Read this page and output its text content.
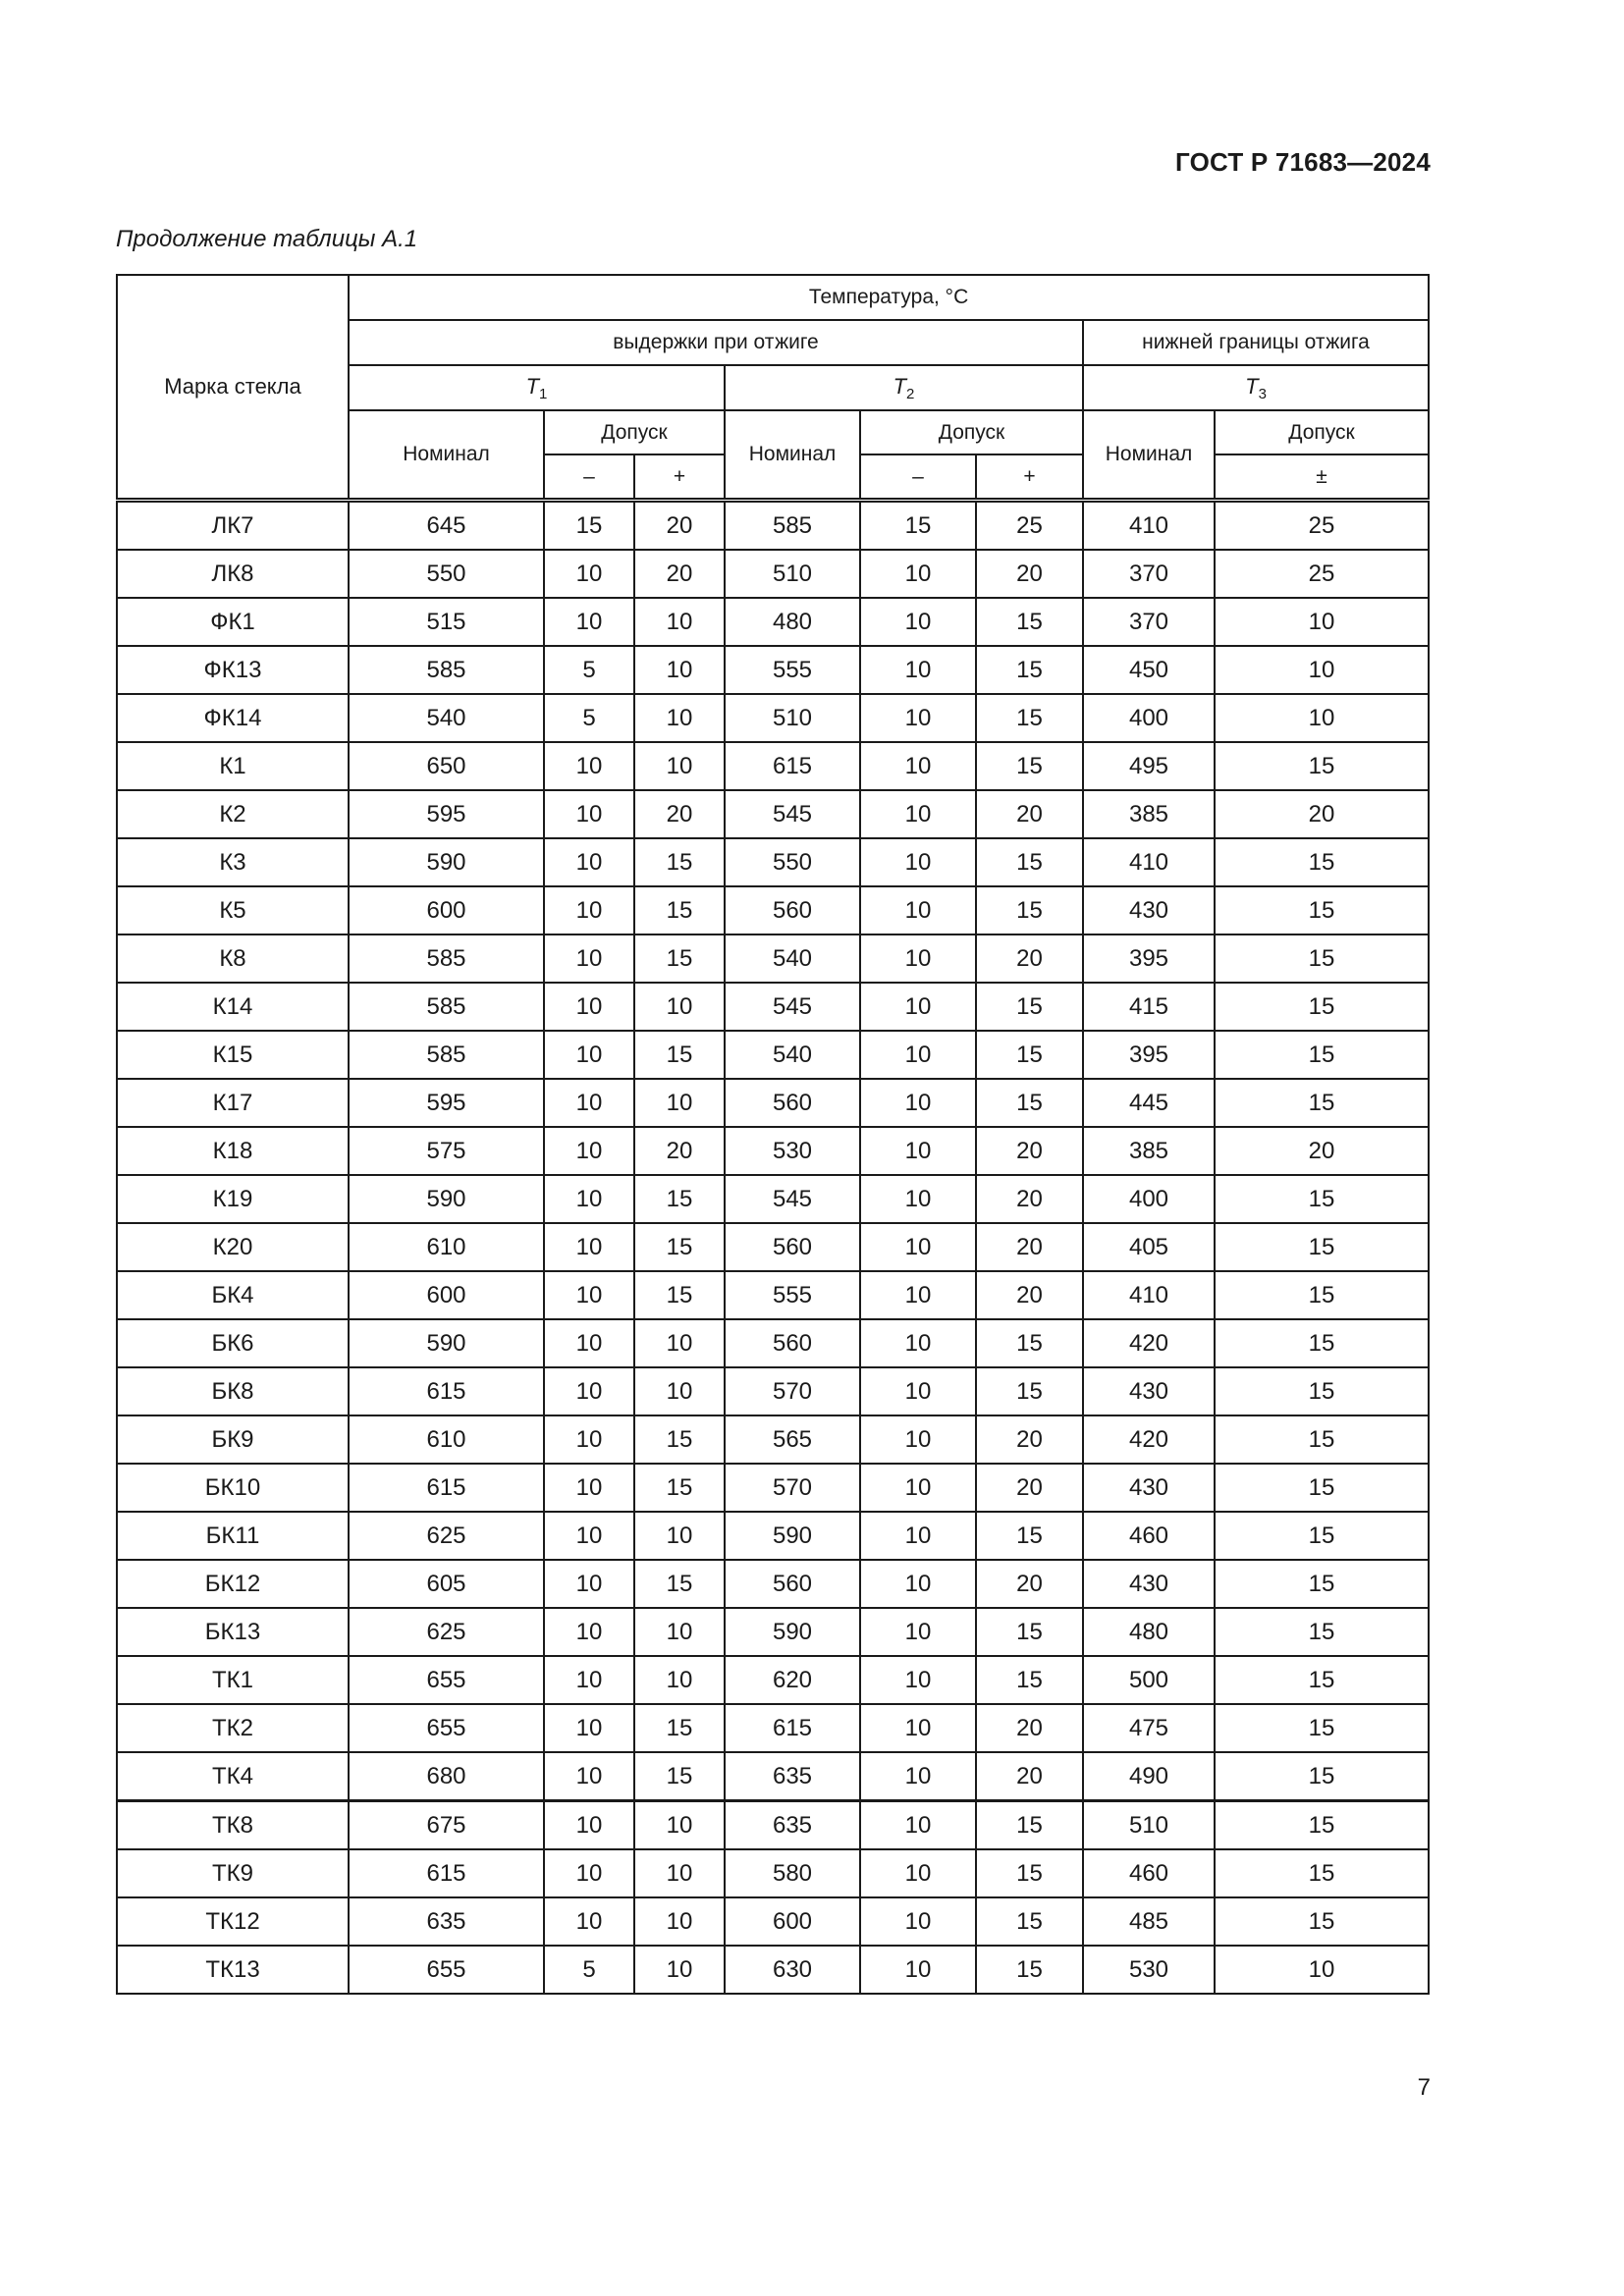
ГОСТ Р 71683—2024
Продолжение таблицы А.1
Марка стекла	Температура, °С							
	выдержки при отжиге						нижней границы отжига	
	$T_1$			$T_2$			$T_3$
	Номинал	Допуск		Номинал	Допуск		Номинал	Допуск
		–	+		–	+		±
ЛК7	645	15	20	585	15	25	410	25
ЛК8	550	10	20	510	10	20	370	25
ФК1	515	10	10	480	10	15	370	10
ФК13	585	5	10	555	10	15	450	10
ФК14	540	5	10	510	10	15	400	10
К1	650	10	10	615	10	15	495	15
К2	595	10	20	545	10	20	385	20
К3	590	10	15	550	10	15	410	15
К5	600	10	15	560	10	15	430	15
К8	585	10	15	540	10	20	395	15
К14	585	10	10	545	10	15	415	15
К15	585	10	15	540	10	15	395	15
К17	595	10	10	560	10	15	445	15
К18	575	10	20	530	10	20	385	20
К19	590	10	15	545	10	20	400	15
К20	610	10	15	560	10	20	405	15
БК4	600	10	15	555	10	20	410	15
БК6	590	10	10	560	10	15	420	15
БК8	615	10	10	570	10	15	430	15
БК9	610	10	15	565	10	20	420	15
БК10	615	10	15	570	10	20	430	15
БК11	625	10	10	590	10	15	460	15
БК12	605	10	15	560	10	20	430	15
БК13	625	10	10	590	10	15	480	15
ТК1	655	10	10	620	10	15	500	15
ТК2	655	10	15	615	10	20	475	15
ТК4	680	10	15	635	10	20	490	15
ТК8	675	10	10	635	10	15	510	15
ТК9	615	10	10	580	10	15	460	15
ТК12	635	10	10	600	10	15	485	15
ТК13	655	5	10	630	10	15	530	10
7
